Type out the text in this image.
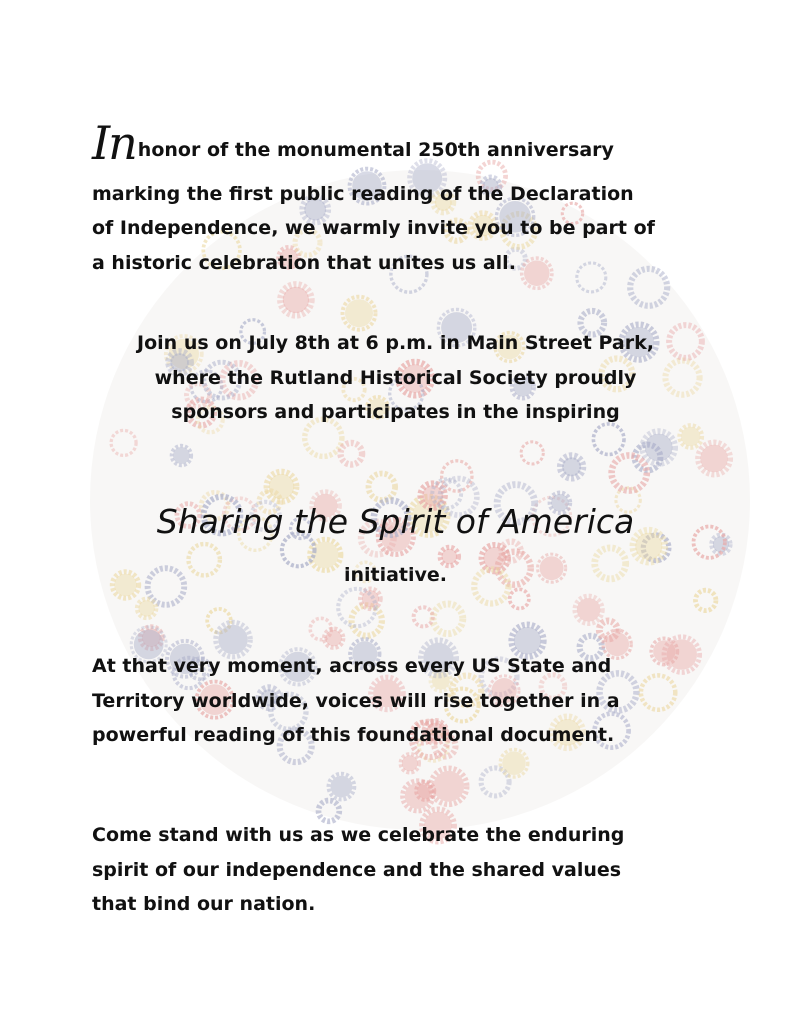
In honor of the monumental 250th anniversary
marking the first public reading of the Declaration
of Independence, we warmly invite you to be part of
a historic celebration that unites us all.

Join us on July 8th at 6 p.m. in Main Street Park,
where the Rutland Historical Society proudly
sponsors and participates in the inspiring

Sharing the Spirit of America

initiative.

At that very moment, across every US State and
Territory worldwide, voices will rise together in a
powerful reading of this foundational document.

Come stand with us as we celebrate the enduring
spirit of our independence and the shared values
that bind our nation.
